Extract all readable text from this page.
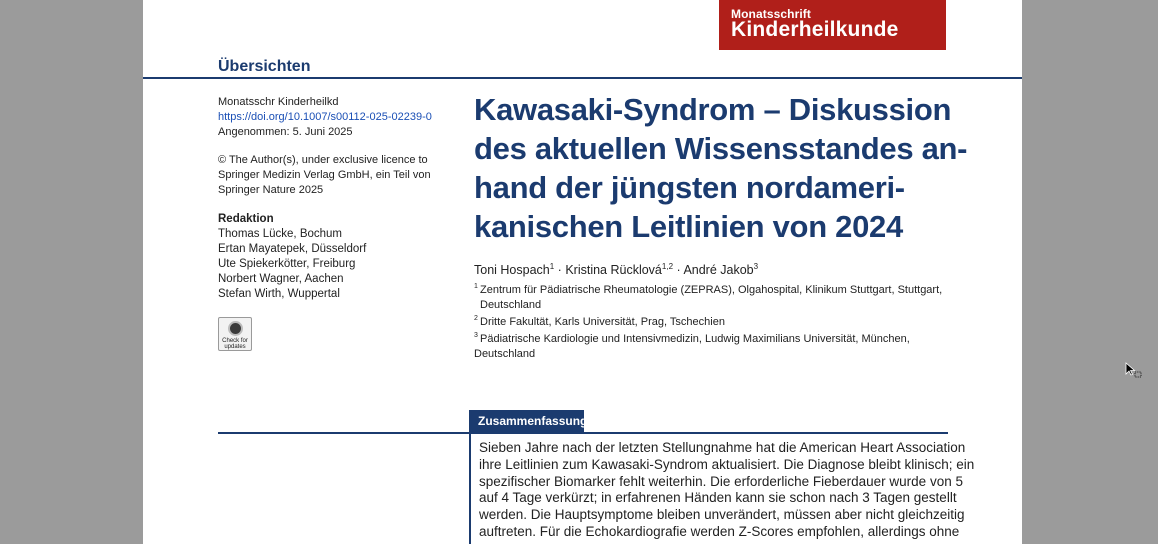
Monatsschrift
Kinderheilkunde
Übersichten
Monatsschr Kinderheilkd
https://doi.org/10.1007/s00112-025-02239-0
Angenommen: 5. Juni 2025
© The Author(s), under exclusive licence to
Springer Medizin Verlag GmbH, ein Teil von
Springer Nature 2025
Redaktion
Thomas Lücke, Bochum
Ertan Mayatepek, Düsseldorf
Ute Spiekerkötter, Freiburg
Norbert Wagner, Aachen
Stefan Wirth, Wuppertal
Check for
updates
Kawasaki-Syndrom – Diskussion
des aktuellen Wissensstandes an-
hand der jüngsten nordameri-
kanischen Leitlinien von 2024
Toni Hospach$^1$ · Kristina Rücklová$^{1,2}$ · André Jakob$^3$
1 Zentrum für Pädiatrische Rheumatologie (ZEPRAS), Olgahospital, Klinikum Stuttgart, Stuttgart,
Deutschland
2 Dritte Fakultät, Karls Universität, Prag, Tschechien
3 Pädiatrische Kardiologie und Intensivmedizin, Ludwig Maximilians Universität, München, Deutschland
Zusammenfassung
Sieben Jahre nach der letzten Stellungnahme hat die American Heart Association
ihre Leitlinien zum Kawasaki-Syndrom aktualisiert. Die Diagnose bleibt klinisch; ein
spezifischer Biomarker fehlt weiterhin. Die erforderliche Fieberdauer wurde von 5
auf 4 Tage verkürzt; in erfahrenen Händen kann sie schon nach 3 Tagen gestellt
werden. Die Hauptsymptome bleiben unverändert, müssen aber nicht gleichzeitig
auftreten. Für die Echokardiografie werden Z-Scores empfohlen, allerdings ohne
